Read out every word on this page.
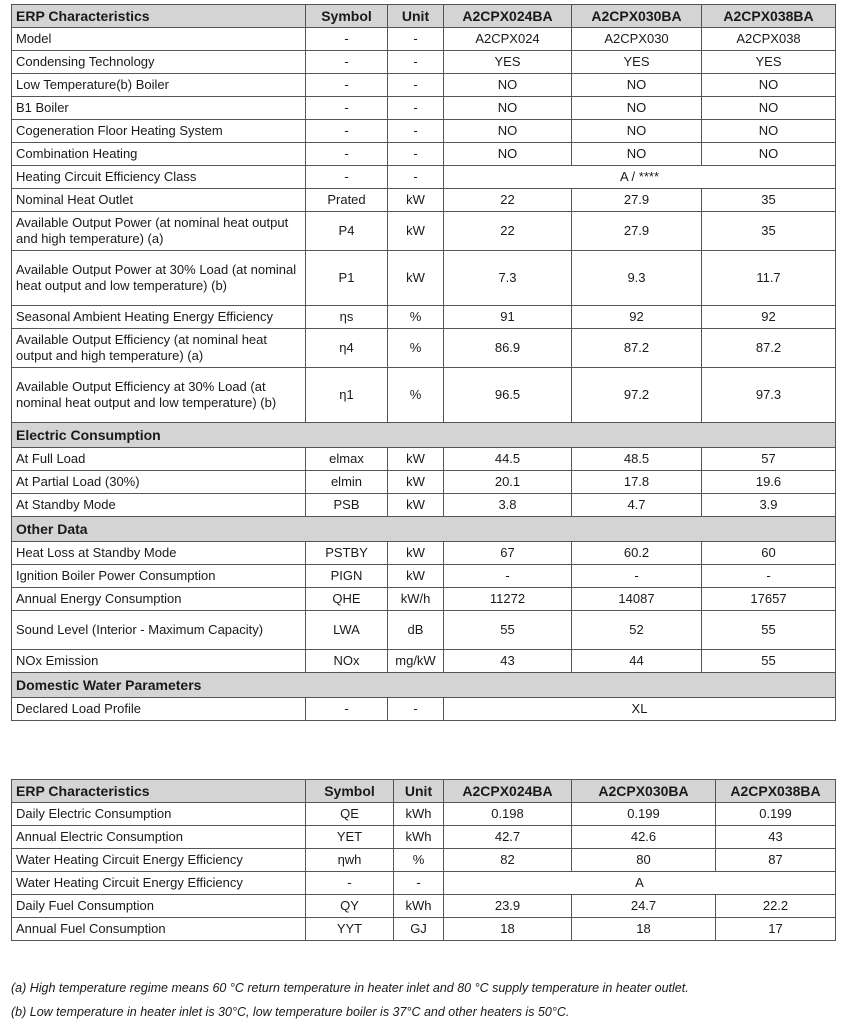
ERP Characteristics	Symbol	Unit	A2CPX024BA	A2CPX030BA	A2CPX038BA
Model	-	-	A2CPX024	A2CPX030	A2CPX038
Condensing Technology	-	-	YES	YES	YES
Low Temperature(b) Boiler	-	-	NO	NO	NO
B1 Boiler	-	-	NO	NO	NO
Cogeneration Floor Heating System	-	-	NO	NO	NO
Combination Heating	-	-	NO	NO	NO
Heating Circuit Efficiency Class	-	-	A / ****		
Nominal Heat Outlet	Prated	kW	22	27.9	35
Available Output Power (at nominal heat output and high temperature) (a)	P4	kW	22	27.9	35
Available Output Power at 30% Load (at nominal heat output and low temperature) (b)	P1	kW	7.3	9.3	11.7
Seasonal Ambient Heating Energy Efficiency	ηs	%	91	92	92
Available Output Efficiency (at nominal heat output and high temperature) (a)	η4	%	86.9	87.2	87.2
Available Output Efficiency at 30% Load (at nominal heat output and low temperature) (b)	η1	%	96.5	97.2	97.3
Electric Consumption					
At Full Load	elmax	kW	44.5	48.5	57
At Partial Load (30%)	elmin	kW	20.1	17.8	19.6
At Standby Mode	PSB	kW	3.8	4.7	3.9
Other Data					
Heat Loss at Standby Mode	PSTBY	kW	67	60.2	60
Ignition Boiler Power Consumption	PIGN	kW	-	-	-
Annual Energy Consumption	QHE	kW/h	11272	14087	17657
Sound Level (Interior - Maximum Capacity)	LWA	dB	55	52	55
NOx Emission	NOx	mg/kW	43	44	55
Domestic Water Parameters					
Declared Load Profile	-	-	XL		
ERP Characteristics	Symbol	Unit	A2CPX024BA	A2CPX030BA	A2CPX038BA
Daily Electric Consumption	QE	kWh	0.198	0.199	0.199
Annual Electric Consumption	YET	kWh	42.7	42.6	43
Water Heating Circuit Energy Efficiency	ηwh	%	82	80	87
Water Heating Circuit Energy Efficiency	-	-	A		
Daily Fuel Consumption	QY	kWh	23.9	24.7	22.2
Annual Fuel Consumption	YYT	GJ	18	18	17
(a) High temperature regime means 60 °C return temperature in heater inlet and 80 °C supply temperature in heater outlet.
(b) Low temperature in heater inlet is 30°C, low temperature boiler is 37°C and other heaters is 50°C.
